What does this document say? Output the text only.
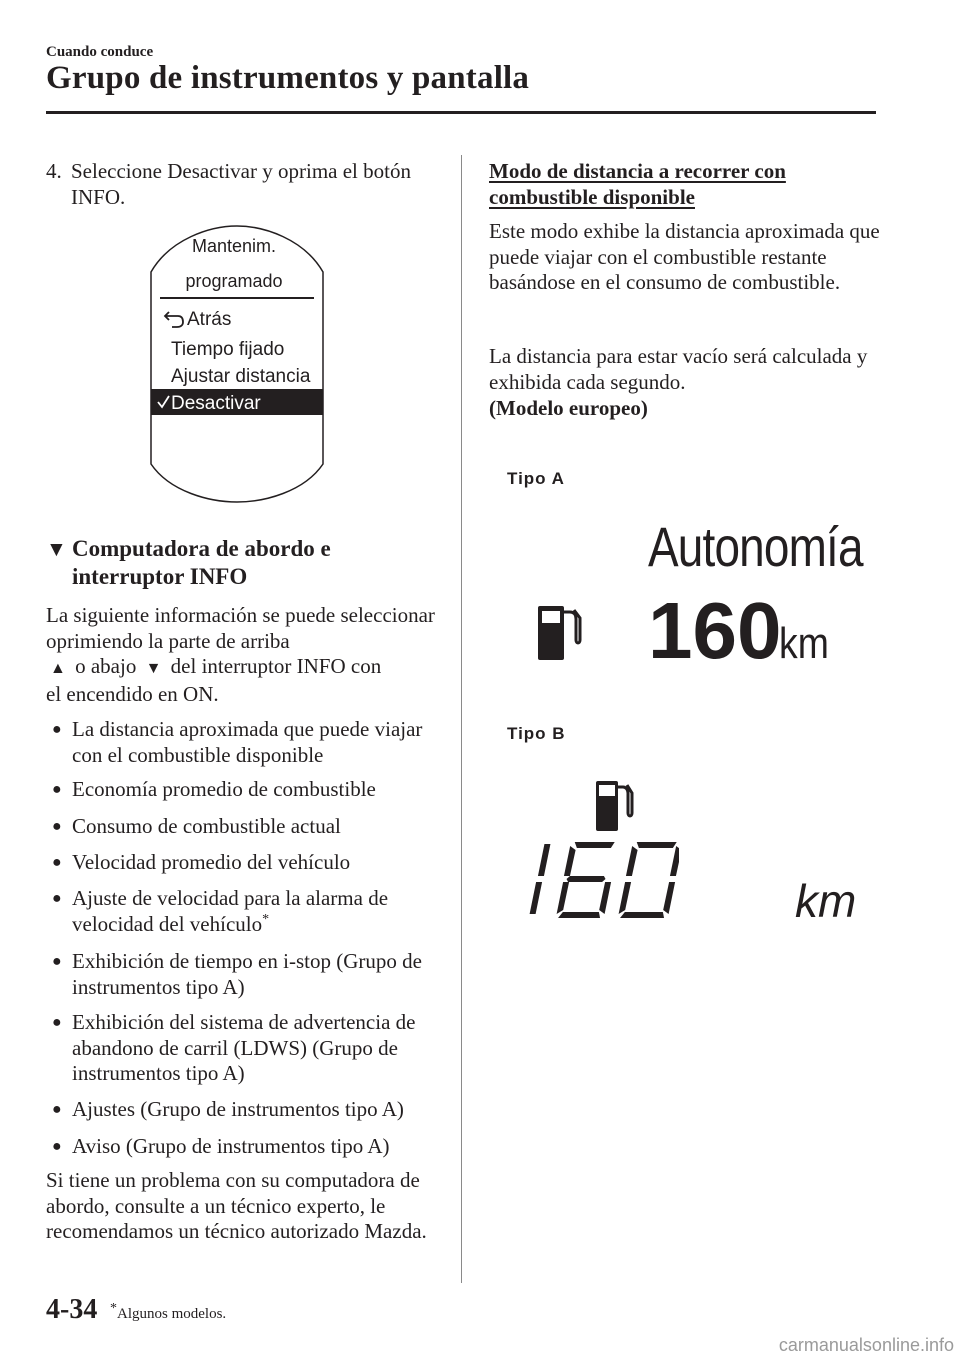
Cuando conduce
Grupo de instrumentos y pantalla
4. Seleccione Desactivar y oprima el botón INFO.
Mantenim.
programado
Atrás
Tiempo fijado
Ajustar distancia
Desactivar
▼ Computadora de abordo e interruptor INFO
La siguiente información se puede seleccionar oprimiendo la parte de arriba
▲  o abajo  ▼  del interruptor INFO con
el encendido en ON.
● La distancia aproximada que puede viajar con el combustible disponible
● Economía promedio de combustible
● Consumo de combustible actual
● Velocidad promedio del vehículo
● Ajuste de velocidad para la alarma de velocidad del vehículo*
● Exhibición de tiempo en i-stop (Grupo de instrumentos tipo A)
● Exhibición del sistema de advertencia de abandono de carril (LDWS) (Grupo de instrumentos tipo A)
● Ajustes (Grupo de instrumentos tipo A)
● Aviso (Grupo de instrumentos tipo A)
Si tiene un problema con su computadora de abordo, consulte a un técnico experto, le recomendamos un técnico autorizado Mazda.
Modo de distancia a recorrer con combustible disponible
Este modo exhibe la distancia aproximada que puede viajar con el combustible restante basándose en el consumo de combustible.
La distancia para estar vacío será calculada y exhibida cada segundo.
(Modelo europeo)
Tipo A
Autonomía
160
km
Tipo B
km
4-34 *Algunos modelos.
carmanualsonline.info
